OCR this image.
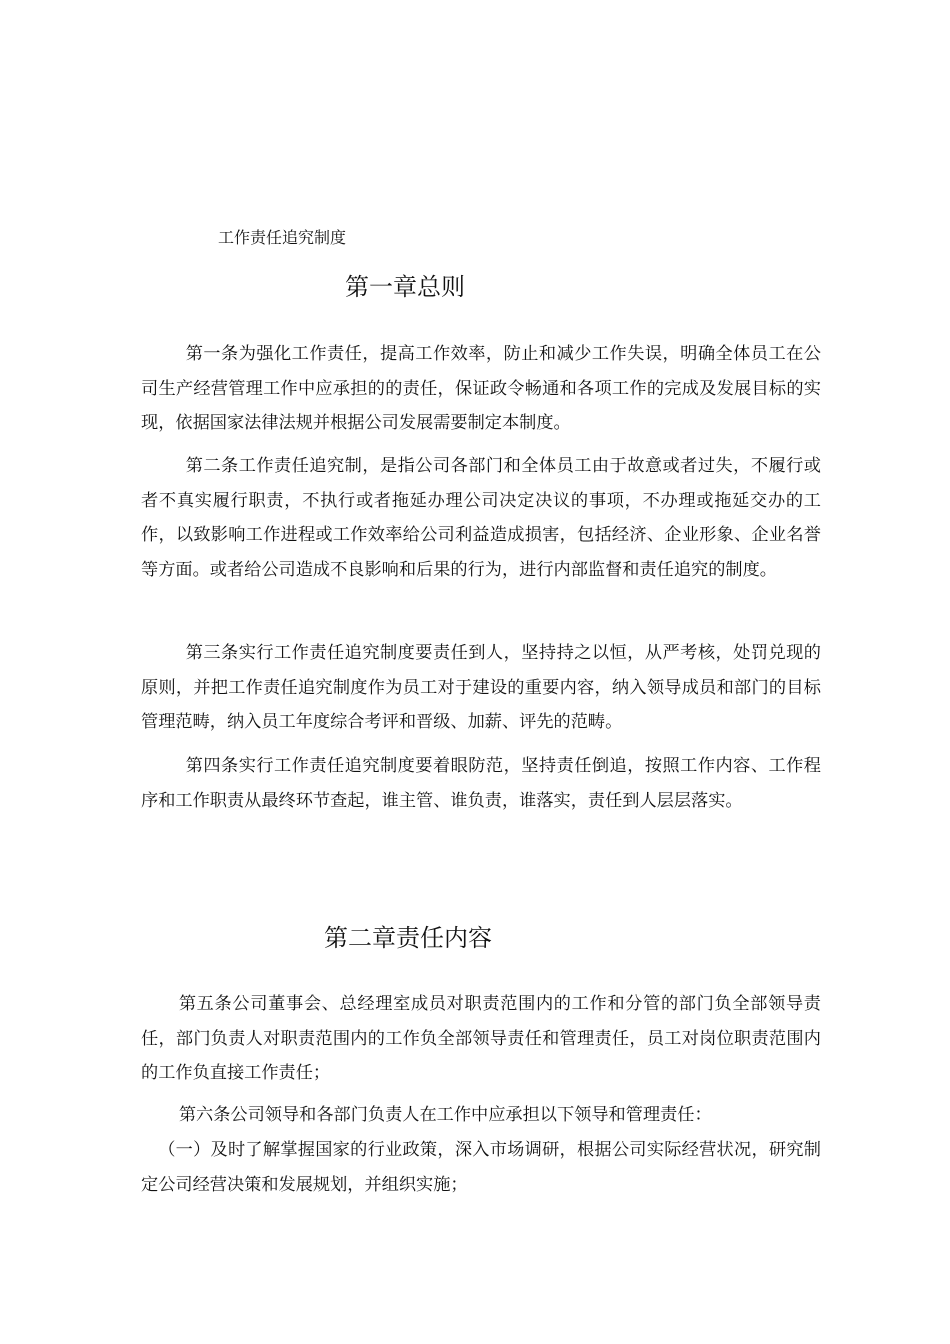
工作责任追究制度
第一章总则

第一条为强化工作责任，提高工作效率，防止和减少工作失误，明确全体员工在公司生产经营管理工作中应承担的的责任，保证政令畅通和各项工作的完成及发展目标的实现，依据国家法律法规并根据公司发展需要制定本制度。

第二条工作责任追究制，是指公司各部门和全体员工由于故意或者过失，不履行或者不真实履行职责，不执行或者拖延办理公司决定决议的事项，不办理或拖延交办的工作，以致影响工作进程或工作效率给公司利益造成损害，包括经济、企业形象、企业名誉等方面。或者给公司造成不良影响和后果的行为，进行内部监督和责任追究的制度。

第三条实行工作责任追究制度要责任到人，坚持持之以恒，从严考核，处罚兑现的原则，并把工作责任追究制度作为员工对于建设的重要内容，纳入领导成员和部门的目标管理范畴，纳入员工年度综合考评和晋级、加薪、评先的范畴。

第四条实行工作责任追究制度要着眼防范，坚持责任倒追，按照工作内容、工作程序和工作职责从最终环节查起，谁主管、谁负责，谁落实，责任到人层层落实。

第二章责任内容

第五条公司董事会、总经理室成员对职责范围内的工作和分管的部门负全部领导责任，部门负责人对职责范围内的工作负全部领导责任和管理责任，员工对岗位职责范围内的工作负直接工作责任；

第六条公司领导和各部门负责人在工作中应承担以下领导和管理责任：

（一）及时了解掌握国家的行业政策，深入市场调研，根据公司实际经营状况，研究制定公司经营决策和发展规划，并组织实施；
